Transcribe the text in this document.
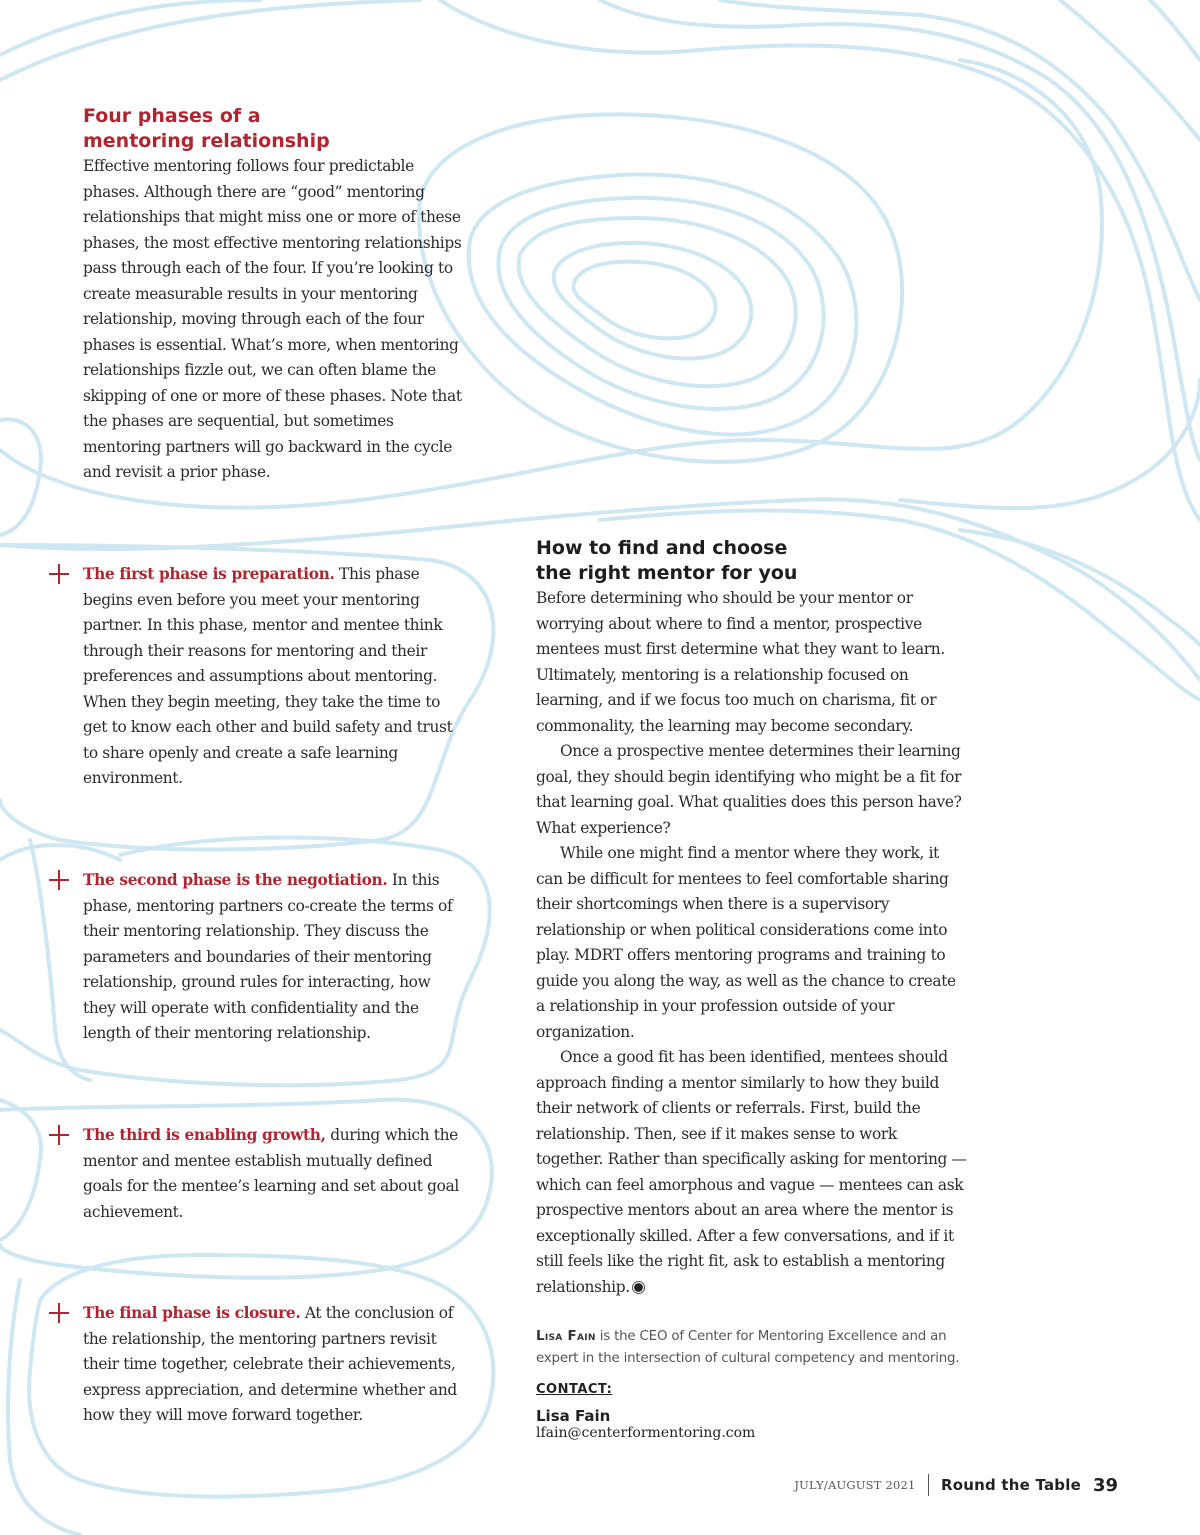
Four phases of a
mentoring relationship

Effective mentoring follows four predictable phases. Although there are “good” mentoring relationships that might miss one or more of these phases, the most effective mentoring relationships pass through each of the four. If you’re looking to create measurable results in your mentoring relationship, moving through each of the four phases is essential. What’s more, when mentoring relationships fizzle out, we can often blame the skipping of one or more of these phases. Note that the phases are sequential, but sometimes mentoring partners will go backward in the cycle and revisit a prior phase.

The first phase is preparation. This phase begins even before you meet your mentoring partner. In this phase, mentor and mentee think through their reasons for mentoring and their preferences and assumptions about mentoring. When they begin meeting, they take the time to get to know each other and build safety and trust to share openly and create a safe learning environment.

The second phase is the negotiation. In this phase, mentoring partners co-create the terms of their mentoring relationship. They discuss the parameters and boundaries of their mentoring relationship, ground rules for interacting, how they will operate with confidentiality and the length of their mentoring relationship.

The third is enabling growth, during which the mentor and mentee establish mutually defined goals for the mentee’s learning and set about goal achievement.

The final phase is closure. At the conclusion of the relationship, the mentoring partners revisit their time together, celebrate their achievements, express appreciation, and determine whether and how they will move forward together.

How to find and choose
the right mentor for you

Before determining who should be your mentor or worrying about where to find a mentor, prospective mentees must first determine what they want to learn. Ultimately, mentoring is a relationship focused on learning, and if we focus too much on charisma, fit or commonality, the learning may become secondary.

Once a prospective mentee determines their learning goal, they should begin identifying who might be a fit for that learning goal. What qualities does this person have? What experience?

While one might find a mentor where they work, it can be difficult for mentees to feel comfortable sharing their shortcomings when there is a supervisory relationship or when political considerations come into play. MDRT offers mentoring programs and training to guide you along the way, as well as the chance to create a relationship in your profession outside of your organization.

Once a good fit has been identified, mentees should approach finding a mentor similarly to how they build their network of clients or referrals. First, build the relationship. Then, see if it makes sense to work together. Rather than specifically asking for mentoring — which can feel amorphous and vague — mentees can ask prospective mentors about an area where the mentor is exceptionally skilled. After a few conversations, and if it still feels like the right fit, ask to establish a mentoring relationship.

Lisa Fain is the CEO of Center for Mentoring Excellence and an expert in the intersection of cultural competency and mentoring.

CONTACT:

Lisa Fain

lfain@centerformentoring.com

JULY/AUGUST 2021 Round the Table 39
